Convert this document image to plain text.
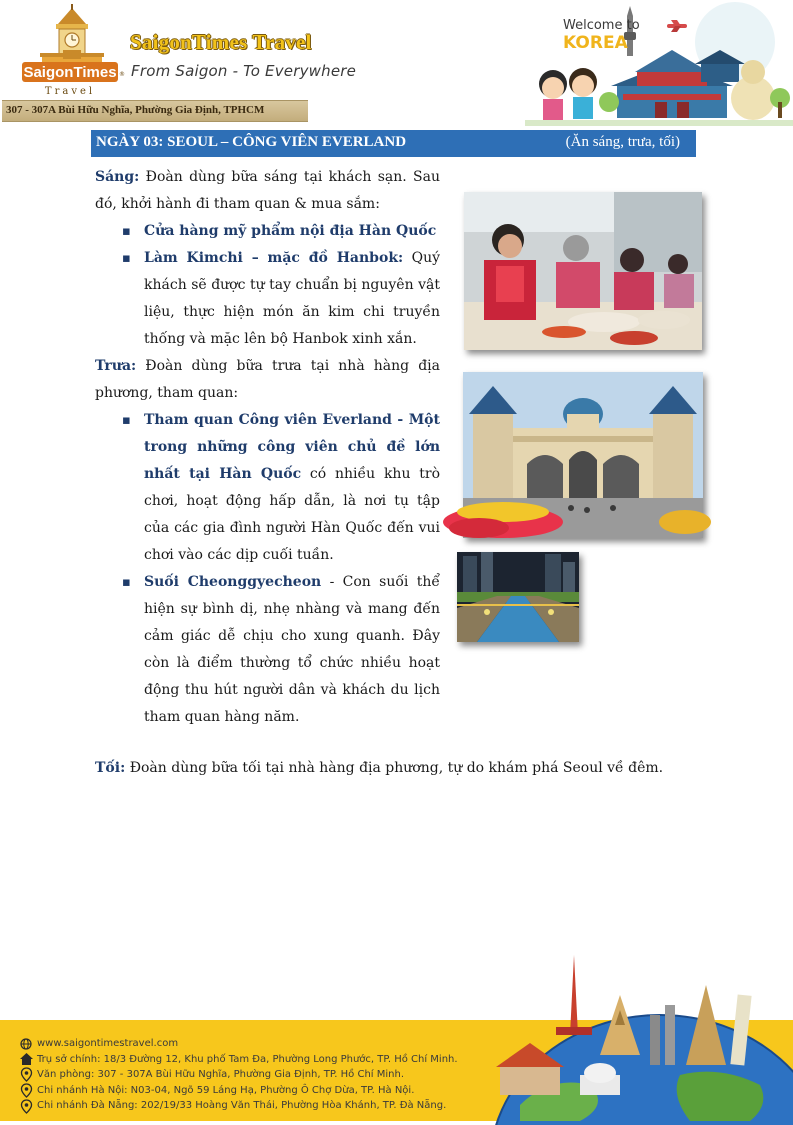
SaigonTimes ®
Travel
SaigonTimes Travel
From Saigon - To Everywhere
307 - 307A Bùi Hữu Nghĩa, Phường Gia Định, TPHCM
Welcome to
KOREA
NGÀY 03: SEOUL – CÔNG VIÊN EVERLAND	(Ăn sáng, trưa, tối)

Sáng: Đoàn dùng bữa sáng tại khách sạn. Sau đó, khởi hành đi tham quan & mua sắm:

▪ Cửa hàng mỹ phẩm nội địa Hàn Quốc
▪ Làm Kimchi – mặc đồ Hanbok: Quý khách sẽ được tự tay chuẩn bị nguyên vật liệu, thực hiện món ăn kim chi truyền thống và mặc lên bộ Hanbok xinh xắn.

Trưa: Đoàn dùng bữa trưa tại nhà hàng địa phương, tham quan:

▪ Tham quan Công viên Everland - Một trong những công viên chủ đề lớn nhất tại Hàn Quốc có nhiều khu trò chơi, hoạt động hấp dẫn, là nơi tụ tập của các gia đình người Hàn Quốc đến vui chơi vào các dịp cuối tuần.
▪ Suối Cheonggyecheon - Con suối thể hiện sự bình dị, nhẹ nhàng và mang đến cảm giác dễ chịu cho xung quanh. Đây còn là điểm thường tổ chức nhiều hoạt động thu hút người dân và khách du lịch tham quan hàng năm.
Tối: Đoàn dùng bữa tối tại nhà hàng địa phương, tự do khám phá Seoul về đêm.
www.saigontimestravel.com
Trụ sở chính: 18/3 Đường 12, Khu phố Tam Đa, Phường Long Phước, TP. Hồ Chí Minh.
Văn phòng: 307 - 307A Bùi Hữu Nghĩa, Phường Gia Định, TP. Hồ Chí Minh.
Chi nhánh Hà Nội: N03-04, Ngõ 59 Láng Hạ, Phường Ô Chợ Dừa, TP. Hà Nội.
Chi nhánh Đà Nẵng: 202/19/33 Hoàng Văn Thái, Phường Hòa Khánh, TP. Đà Nẵng.
